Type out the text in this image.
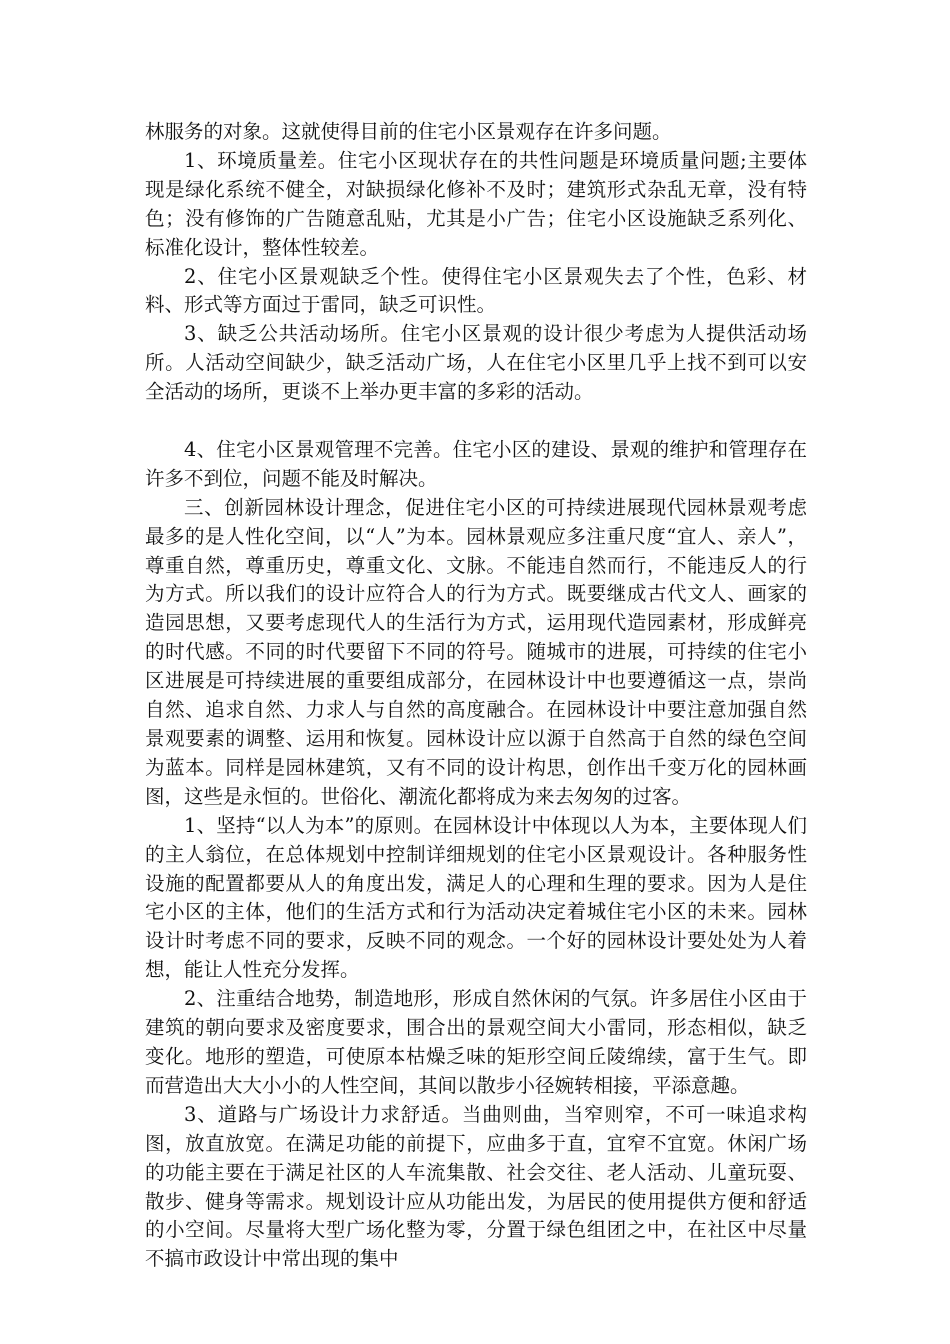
林服务的对象。这就使得目前的住宅小区景观存在许多问题。

1、环境质量差。住宅小区现状存在的共性问题是环境质量问题;主要体现是绿化系统不健全，对缺损绿化修补不及时；建筑形式杂乱无章，没有特色；没有修饰的广告随意乱贴，尤其是小广告；住宅小区设施缺乏系列化、标准化设计，整体性较差。

2、住宅小区景观缺乏个性。使得住宅小区景观失去了个性，色彩、材料、形式等方面过于雷同，缺乏可识性。

3、缺乏公共活动场所。住宅小区景观的设计很少考虑为人提供活动场所。人活动空间缺少，缺乏活动广场，人在住宅小区里几乎上找不到可以安全活动的场所，更谈不上举办更丰富的多彩的活动。

4、住宅小区景观管理不完善。住宅小区的建设、景观的维护和管理存在许多不到位，问题不能及时解决。

三、创新园林设计理念，促进住宅小区的可持续进展现代园林景观考虑最多的是人性化空间，以“人”为本。园林景观应多注重尺度“宜人、亲人”，尊重自然，尊重历史，尊重文化、文脉。不能违自然而行，不能违反人的行为方式。所以我们的设计应符合人的行为方式。既要继成古代文人、画家的造园思想，又要考虑现代人的生活行为方式，运用现代造园素材，形成鲜亮的时代感。不同的时代要留下不同的符号。随城市的进展，可持续的住宅小区进展是可持续进展的重要组成部分，在园林设计中也要遵循这一点，崇尚自然、追求自然、力求人与自然的高度融合。在园林设计中要注意加强自然景观要素的调整、运用和恢复。园林设计应以源于自然高于自然的绿色空间为蓝本。同样是园林建筑，又有不同的设计构思，创作出千变万化的园林画图，这些是永恒的。世俗化、潮流化都将成为来去匆匆的过客。

1、坚持“以人为本”的原则。在园林设计中体现以人为本，主要体现人们的主人翁位，在总体规划中控制详细规划的住宅小区景观设计。各种服务性设施的配置都要从人的角度出发，满足人的心理和生理的要求。因为人是住宅小区的主体，他们的生活方式和行为活动决定着城住宅小区的未来。园林设计时考虑不同的要求，反映不同的观念。一个好的园林设计要处处为人着想，能让人性充分发挥。

2、注重结合地势，制造地形，形成自然休闲的气氛。许多居住小区由于建筑的朝向要求及密度要求，围合出的景观空间大小雷同，形态相似，缺乏变化。地形的塑造，可使原本枯燥乏味的矩形空间丘陵绵续，富于生气。即而营造出大大小小的人性空间，其间以散步小径婉转相接，平添意趣。

3、道路与广场设计力求舒适。当曲则曲，当窄则窄，不可一味追求构图，放直放宽。在满足功能的前提下，应曲多于直，宜窄不宜宽。休闲广场的功能主要在于满足社区的人车流集散、社会交往、老人活动、儿童玩耍、散步、健身等需求。规划设计应从功能出发，为居民的使用提供方便和舒适的小空间。尽量将大型广场化整为零，分置于绿色组团之中，在社区中尽量不搞市政设计中常出现的集中
